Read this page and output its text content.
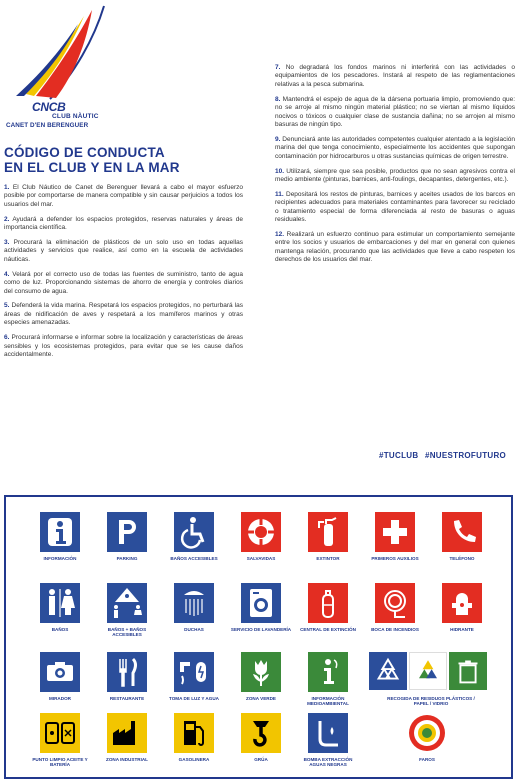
CNCB
CLUB NÀUTIC
CANET D'EN BERENGUER
CÓDIGO DE CONDUCTA
EN EL CLUB Y EN LA MAR

1. El Club Náutico de Canet de Berenguer llevará a cabo el mayor esfuerzo posible por comportarse de manera compatible y sin causar perjuicios a todos los usuarios del mar.

2. Ayudará a defender los espacios protegidos, reservas naturales y áreas de importancia científica.

3. Procurará la eliminación de plásticos de un solo uso en todas aquellas actividades y servicios que realice, así como en la escuela de actividades náuticas.

4. Velará por el correcto uso de todas las fuentes de suministro, tanto de agua como de luz. Proporcionando sistemas de ahorro de energía y controles diarios del consumo de agua.

5. Defenderá la vida marina. Respetará los espacios protegidos, no perturbará las áreas de nidificación de aves y respetará a los mamíferos marinos y otras especies amenazadas.

6. Procurará informarse e informar sobre la localización y características de áreas sensibles y los ecosistemas protegidos, para evitar que se les cause daños accidentalmente.

7. No degradará los fondos marinos ni interferirá con las actividades o equipamientos de los pescadores. Instará al respeto de las reglamentaciones relativas a la pesca submarina.

8. Mantendrá el espejo de agua de la dársena portuaria limpio, promoviendo que: no se arroje al mismo ningún material plástico; no se viertan al mismo líquidos nocivos o tóxicos o cualquier clase de sustancia dañina; no se arrojen al mismo basuras de ningún tipo.

9. Denunciará ante las autoridades competentes cualquier atentado a la legislación marina del que tenga conocimiento, especialmente los accidentes que supongan contaminación por hidrocarburos u otras sustancias químicas de origen terrestre.

10. Utilizará, siempre que sea posible, productos que no sean agresivos contra el medio ambiente (pinturas, barnices, anti-foulings, decapantes, detergentes, etc.).

11. Depositará los restos de pinturas, barnices y aceites usados de los barcos en recipientes adecuados para materiales contaminantes para favorecer su reciclado o tratamiento especial de forma diferenciada al resto de basuras o aguas residuales.

12. Realizará un esfuerzo continuo para estimular un comportamiento semejante entre los socios y usuarios de embarcaciones y del mar en general con quienes mantenga relación, procurando que las actividades que lleve a cabo respeten los derechos de los usuarios del mar.

#TUCLUB #NUESTROFUTURO
INFORMACIÓN	PARKING	BAÑOS ACCESIBLES	SALVAVIDAS	EXTINTOR	PRIMEROS AUXILIOS	TELÉFONO
BAÑOS	BAÑOS + BAÑOS ACCESIBLES
DUCHAS	SERVICIO DE LAVANDERÍA	CENTRAL DE EXTINCIÓN	BOCA DE INCENDIOS	HIDRANTE
MIRADOR	RESTAURANTE	TOMA DE LUZ Y AGUA	ZONA VERDE	INFORMACIÓN MEDIOAMBIENTAL
RECOGIDA DE RESIDUOS PLÁSTICOS / PAPEL / VIDRIO
PUNTO LIMPIO ACEITE Y BATERÍA
ZONA INDUSTRIAL	GASOLINERA	GRÚA	BOMBA EXTRACCIÓN AGUAS NEGRAS
FAROS
